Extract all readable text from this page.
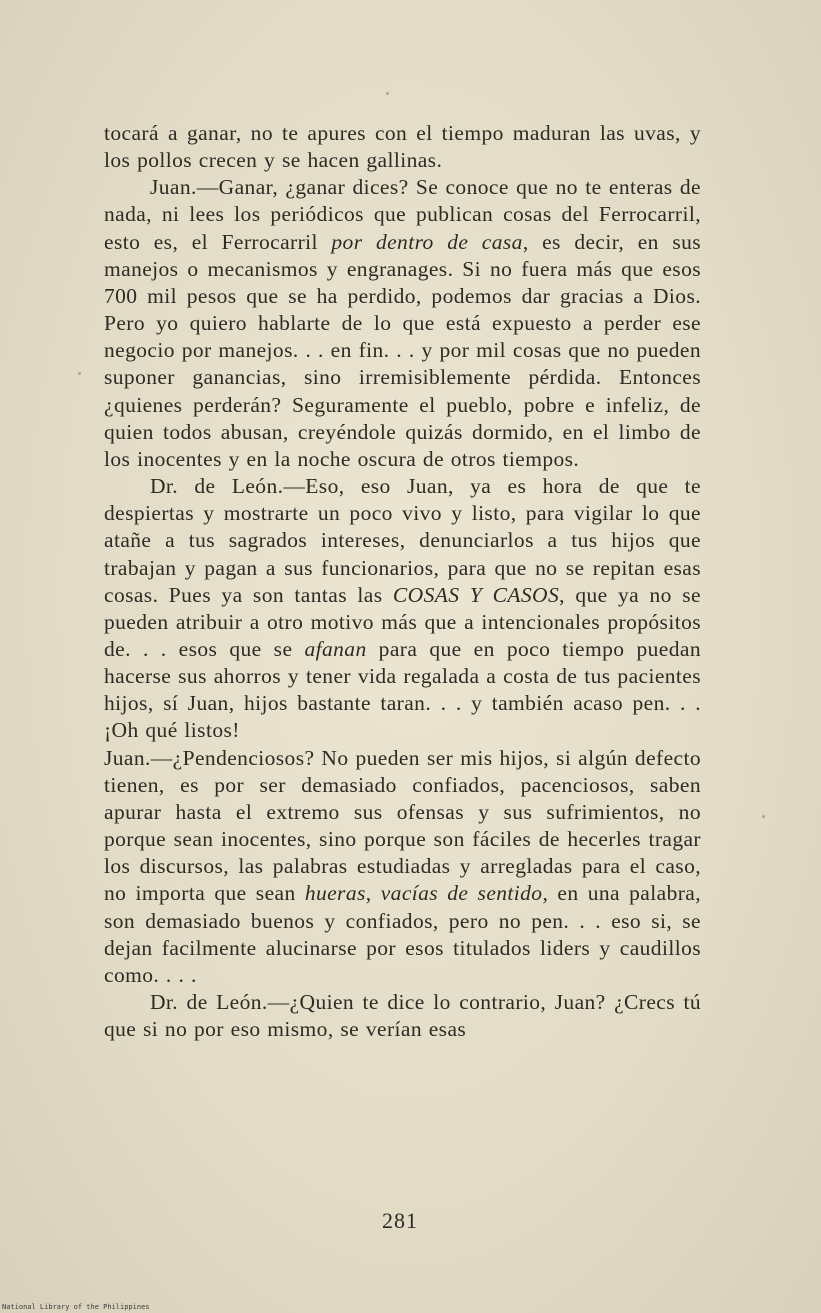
tocará a ganar, no te apures con el tiempo maduran las uvas, y los pollos crecen y se hacen gallinas.

Juan.—Ganar, ¿ganar dices? Se conoce que no te enteras de nada, ni lees los periódicos que publican cosas del Ferrocarril, esto es, el Ferrocarril por dentro de casa, es decir, en sus manejos o mecanismos y engranages. Si no fuera más que esos 700 mil pesos que se ha perdido, podemos dar gracias a Dios. Pero yo quiero hablarte de lo que está expuesto a perder ese negocio por manejos. . . en fin. . . y por mil cosas que no pueden suponer ganancias, sino irremisiblemente pérdida. Entonces ¿quienes perderán? Seguramente el pueblo, pobre e infeliz, de quien todos abusan, creyéndole quizás dormido, en el limbo de los inocentes y en la noche oscura de otros tiempos.

Dr. de León.—Eso, eso Juan, ya es hora de que te despiertas y mostrarte un poco vivo y listo, para vigilar lo que atañe a tus sagrados intereses, denunciarlos a tus hijos que trabajan y pagan a sus funcionarios, para que no se repitan esas cosas. Pues ya son tantas las COSAS Y CASOS, que ya no se pueden atribuir a otro motivo más que a intencionales propósitos de. . . esos que se afanan para que en poco tiempo puedan hacerse sus ahorros y tener vida regalada a costa de tus pacientes hijos, sí Juan, hijos bastante taran. . . y también acaso pen. . . ¡Oh qué listos!

Juan.—¿Pendenciosos? No pueden ser mis hijos, si algún defecto tienen, es por ser demasiado confiados, pacenciosos, saben apurar hasta el extremo sus ofensas y sus sufrimientos, no porque sean inocentes, sino porque son fáciles de hecerles tragar los discursos, las palabras estudiadas y arregladas para el caso, no importa que sean hueras, vacías de sentido, en una palabra, son demasiado buenos y confiados, pero no pen. . . eso si, se dejan facilmente alucinarse por esos titulados liders y caudillos como. . . .

Dr. de León.—¿Quien te dice lo contrario, Juan? ¿Crecs tú que si no por eso mismo, se verían esas

281
National Library of the Philippines
